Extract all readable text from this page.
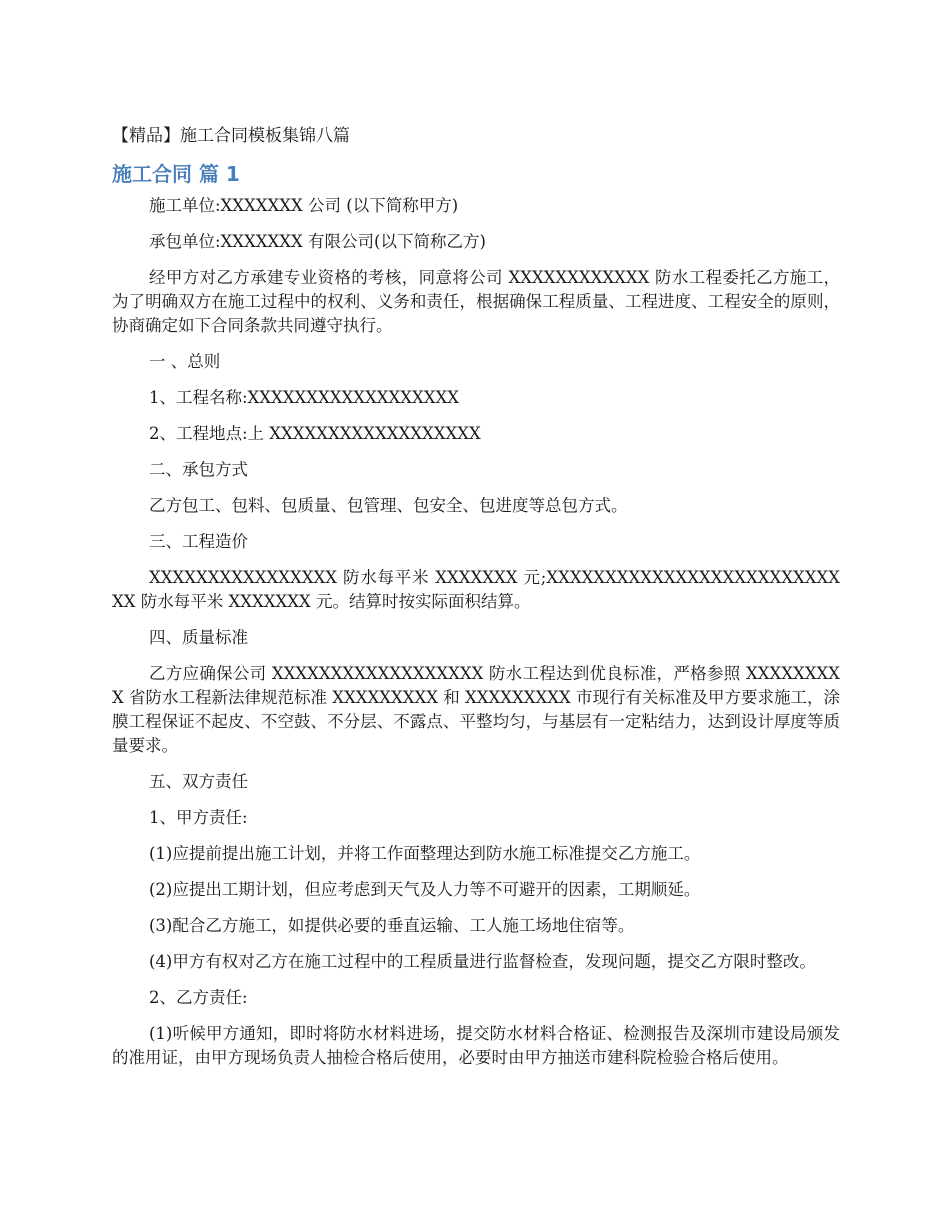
【精品】施工合同模板集锦八篇

施工合同 篇 1

施工单位:XXXXXXX 公司 (以下简称甲方)

承包单位:XXXXXXX 有限公司(以下简称乙方)

经甲方对乙方承建专业资格的考核，同意将公司 XXXXXXXXXXXX 防水工程委托乙方施工，为了明确双方在施工过程中的权利、义务和责任，根据确保工程质量、工程进度、工程安全的原则，协商确定如下合同条款共同遵守执行。

一 、总则

1、工程名称:XXXXXXXXXXXXXXXXXX

2、工程地点:上 XXXXXXXXXXXXXXXXXX

二、承包方式

乙方包工、包料、包质量、包管理、包安全、包进度等总包方式。

三、工程造价

XXXXXXXXXXXXXXXX 防水每平米 XXXXXXX 元;XXXXXXXXXXXXXXXXXXXXXXXXXXX 防水每平米 XXXXXXX 元。结算时按实际面积结算。

四、质量标准

乙方应确保公司 XXXXXXXXXXXXXXXXXX 防水工程达到优良标准，严格参照 XXXXXXXXX 省防水工程新法律规范标准 XXXXXXXXX 和 XXXXXXXXX 市现行有关标准及甲方要求施工，涂膜工程保证不起皮、不空鼓、不分层、不露点、平整均匀，与基层有一定粘结力，达到设计厚度等质量要求。

五、双方责任

1、甲方责任:

(1)应提前提出施工计划，并将工作面整理达到防水施工标准提交乙方施工。

(2)应提出工期计划，但应考虑到天气及人力等不可避开的因素，工期顺延。

(3)配合乙方施工，如提供必要的垂直运输、工人施工场地住宿等。

(4)甲方有权对乙方在施工过程中的工程质量进行监督检查，发现问题，提交乙方限时整改。

2、乙方责任:

(1)听候甲方通知，即时将防水材料进场，提交防水材料合格证、检测报告及深圳市建设局颁发的准用证，由甲方现场负责人抽检合格后使用，必要时由甲方抽送市建科院检验合格后使用。
